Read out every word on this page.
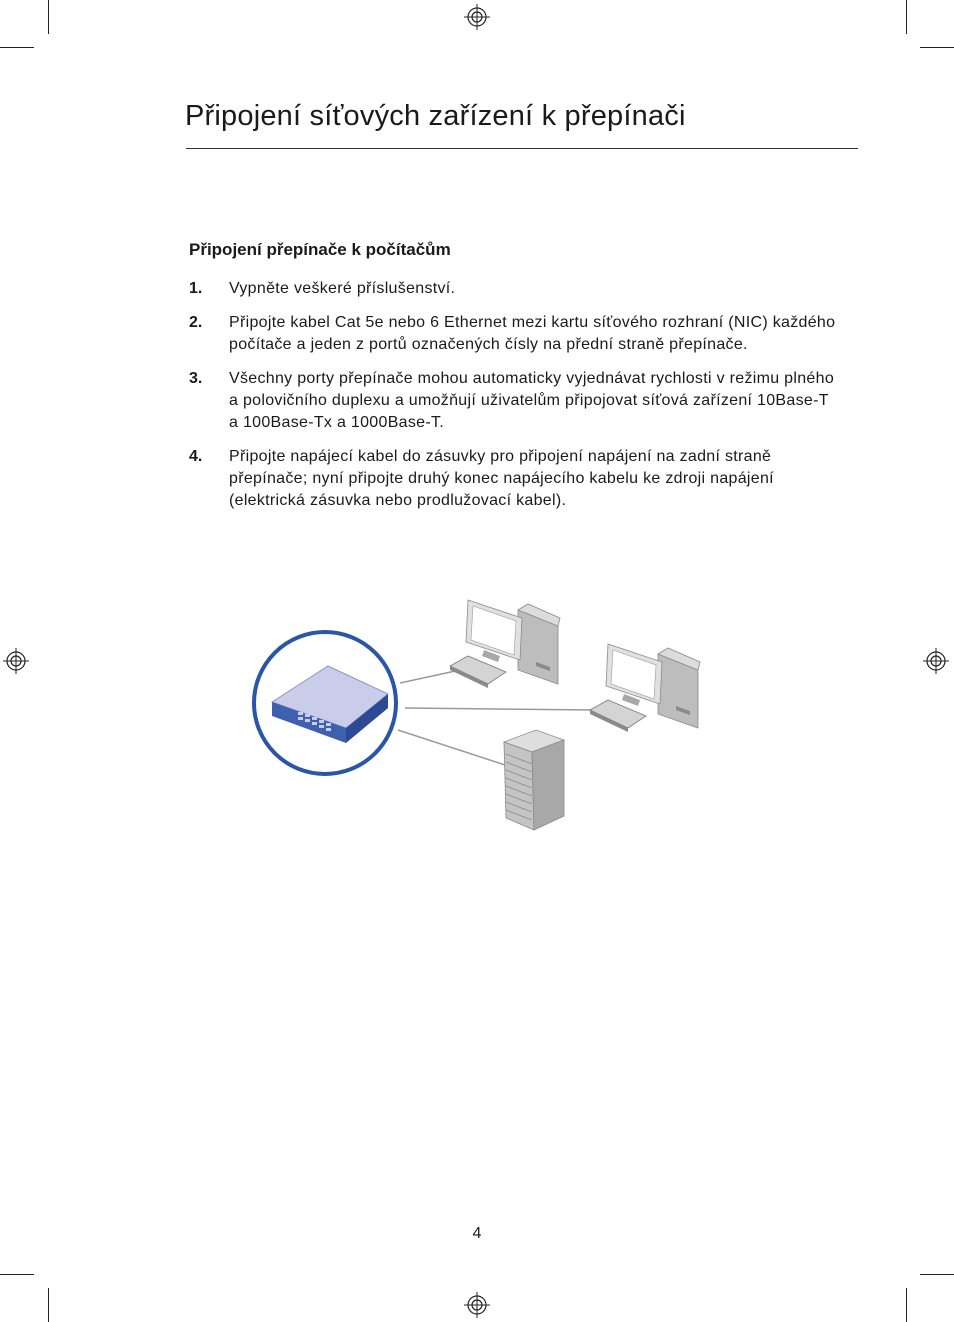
Připojení síťových zařízení k přepínači
Připojení přepínače k počítačům
1. Vypněte veškeré příslušenství.
2. Připojte kabel Cat 5e nebo 6 Ethernet mezi kartu síťového rozhraní (NIC) každého počítače a jeden z portů označených čísly na přední straně přepínače.
3. Všechny porty přepínače mohou automaticky vyjednávat rychlosti v režimu plného a polovičního duplexu a umožňují uživatelům připojovat síťová zařízení 10Base-T a 100Base-Tx a 1000Base-T.
4. Připojte napájecí kabel do zásuvky pro připojení napájení na zadní straně přepínače; nyní připojte druhý konec napájecího kabelu ke zdroji napájení (elektrická zásuvka nebo prodlužovací kabel).
4
